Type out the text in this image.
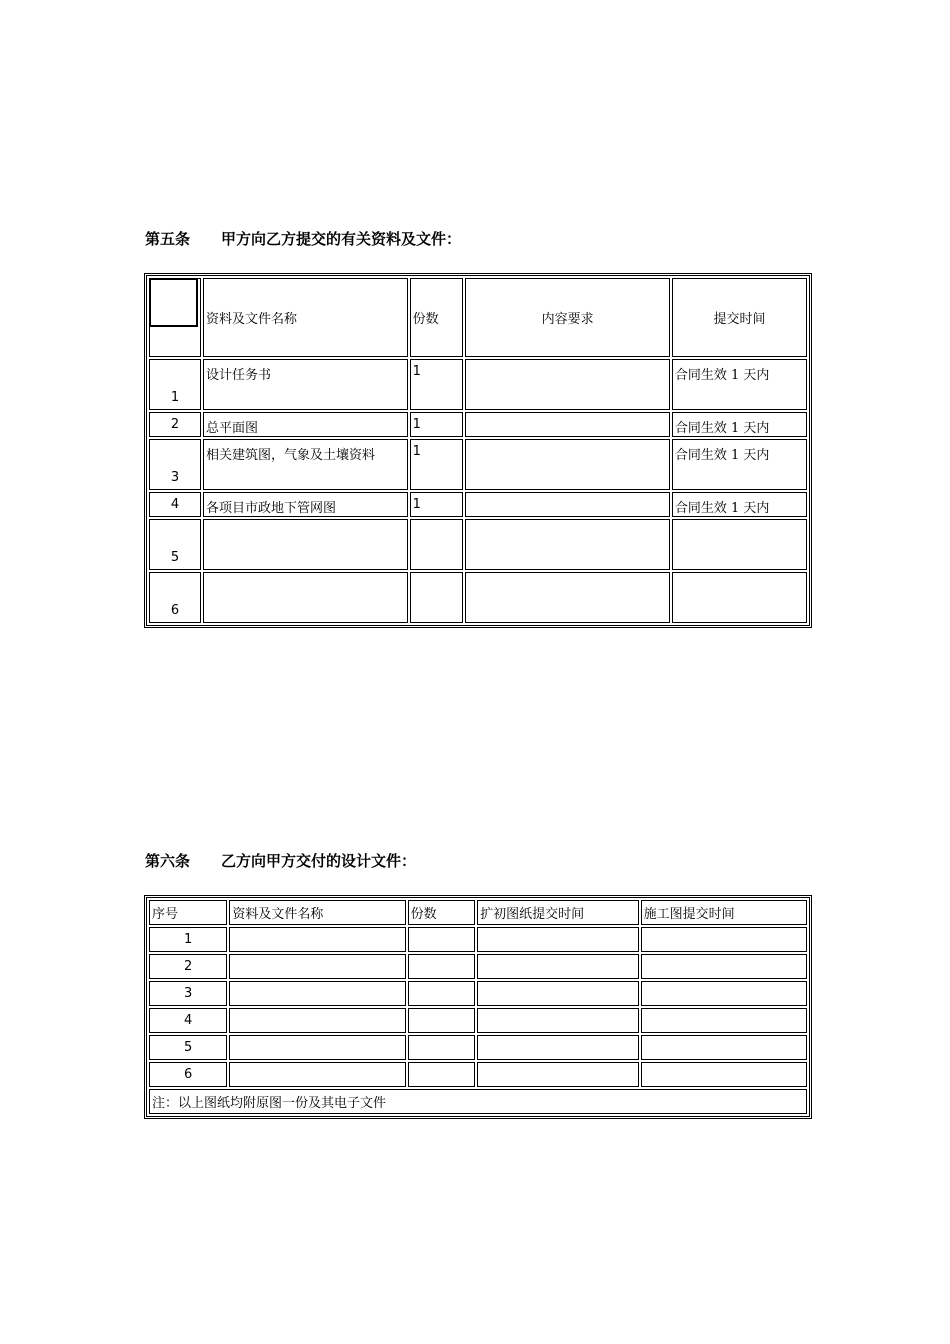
第五条 甲方向乙方提交的有关资料及文件：
	资料及文件名称	份数	内容要求	提交时间
1	设计任务书	1		合同生效 1 天内
2	总平面图	1		合同生效 1 天内
3	相关建筑图，气象及土壤资料	1		合同生效 1 天内
4	各项目市政地下管网图	1		合同生效 1 天内
5				
6				
第六条 乙方向甲方交付的设计文件：
序号	资料及文件名称	份数	扩初图纸提交时间	施工图提交时间
1				
2				
3				
4				
5				
6				
注：以上图纸均附原图一份及其电子文件				
